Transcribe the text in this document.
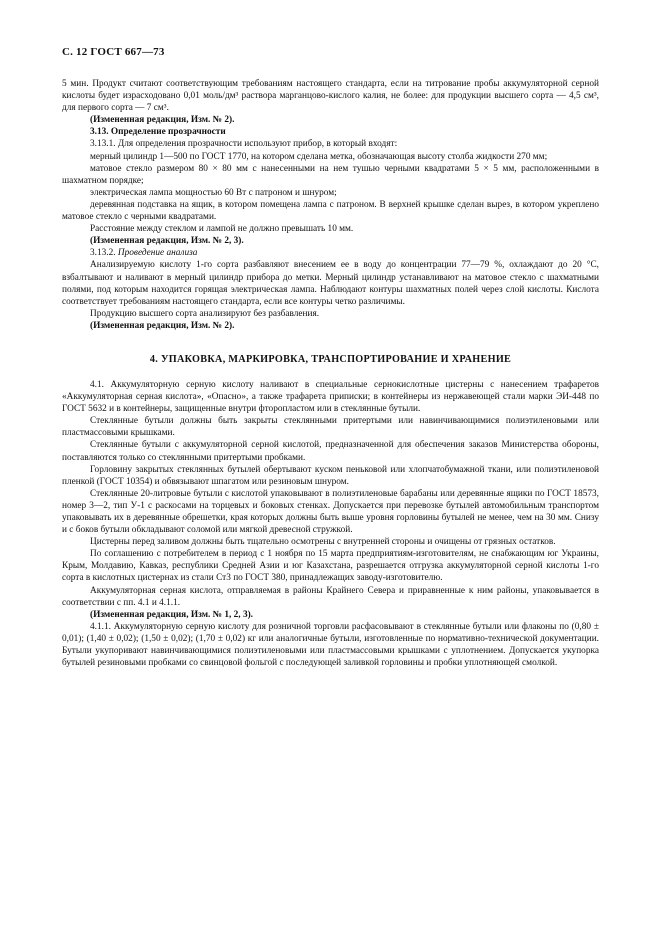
С. 12 ГОСТ 667—73

5 мин. Продукт считают соответствующим требованиям настоящего стандарта, если на титрование пробы аккумуляторной серной кислоты будет израсходовано 0,01 моль/дм³ раствора марганцово-кислого калия, не более: для продукции высшего сорта — 4,5 см³, для первого сорта — 7 см³.

(Измененная редакция, Изм. № 2).

3.13. Определение прозрачности

3.13.1. Для определения прозрачности используют прибор, в который входят:

мерный цилиндр 1—500 по ГОСТ 1770, на котором сделана метка, обозначающая высоту столба жидкости 270 мм;

матовое стекло размером 80 × 80 мм с нанесенными на нем тушью черными квадратами 5 × 5 мм, расположенными в шахматном порядке;

электрическая лампа мощностью 60 Вт с патроном и шнуром;

деревянная подставка на ящик, в котором помещена лампа с патроном. В верхней крышке сделан вырез, в котором укреплено матовое стекло с черными квадратами.

Расстояние между стеклом и лампой не должно превышать 10 мм.

(Измененная редакция, Изм. № 2, 3).

3.13.2. Проведение анализа

Анализируемую кислоту 1-го сорта разбавляют внесением ее в воду до концентрации 77—79 %, охлаждают до 20 °С, взбалтывают и наливают в мерный цилиндр прибора до метки. Мерный цилиндр устанавливают на матовое стекло с шахматными полями, под которым находится горящая электрическая лампа. Наблюдают контуры шахматных полей через слой кислоты. Кислота соответствует требованиям настоящего стандарта, если все контуры четко различимы.

Продукцию высшего сорта анализируют без разбавления.

(Измененная редакция, Изм. № 2).

4. УПАКОВКА, МАРКИРОВКА, ТРАНСПОРТИРОВАНИЕ И ХРАНЕНИЕ

4.1. Аккумуляторную серную кислоту наливают в специальные сернокислотные цистерны с нанесением трафаретов «Аккумуляторная серная кислота», «Опасно», а также трафарета приписки; в контейнеры из нержавеющей стали марки ЭИ-448 по ГОСТ 5632 и в контейнеры, защищенные внутри фторопластом или в стеклянные бутыли.

Стеклянные бутыли должны быть закрыты стеклянными притертыми или навинчивающимися полиэтиленовыми или пластмассовыми крышками.

Стеклянные бутыли с аккумуляторной серной кислотой, предназначенной для обеспечения заказов Министерства обороны, поставляются только со стеклянными притертыми пробками.

Горловину закрытых стеклянных бутылей обертывают куском пеньковой или хлопчатобумажной ткани, или полиэтиленовой пленкой (ГОСТ 10354) и обвязывают шпагатом или резиновым шнуром.

Стеклянные 20-литровые бутыли с кислотой упаковывают в полиэтиленовые барабаны или деревянные ящики по ГОСТ 18573, номер 3—2, тип У-1 с раскосами на торцевых и боковых стенках. Допускается при перевозке бутылей автомобильным транспортом упаковывать их в деревянные обрешетки, края которых должны быть выше уровня горловины бутылей не менее, чем на 30 мм. Снизу и с боков бутыли обкладывают соломой или мягкой древесной стружкой.

Цистерны перед заливом должны быть тщательно осмотрены с внутренней стороны и очищены от грязных остатков.

По соглашению с потребителем в период с 1 ноября по 15 марта предприятиям-изготовителям, не снабжающим юг Украины, Крым, Молдавию, Кавказ, республики Средней Азии и юг Казахстана, разрешается отгрузка аккумуляторной серной кислоты 1-го сорта в кислотных цистернах из стали Ст3 по ГОСТ 380, принадлежащих заводу-изготовителю.

Аккумуляторная серная кислота, отправляемая в районы Крайнего Севера и приравненные к ним районы, упаковывается в соответствии с пп. 4.1 и 4.1.1.

(Измененная редакция, Изм. № 1, 2, 3).

4.1.1. Аккумуляторную серную кислоту для розничной торговли расфасовывают в стеклянные бутыли или флаконы по (0,80 ± 0,01); (1,40 ± 0,02); (1,50 ± 0,02); (1,70 ± 0,02) кг или аналогичные бутыли, изготовленные по нормативно-технической документации. Бутыли укупоривают навинчивающимися полиэтиленовыми или пластмассовыми крышками с уплотнением. Допускается укупорка бутылей резиновыми пробками со свинцовой фольгой с последующей заливкой горловины и пробки уплотняющей смолкой.
